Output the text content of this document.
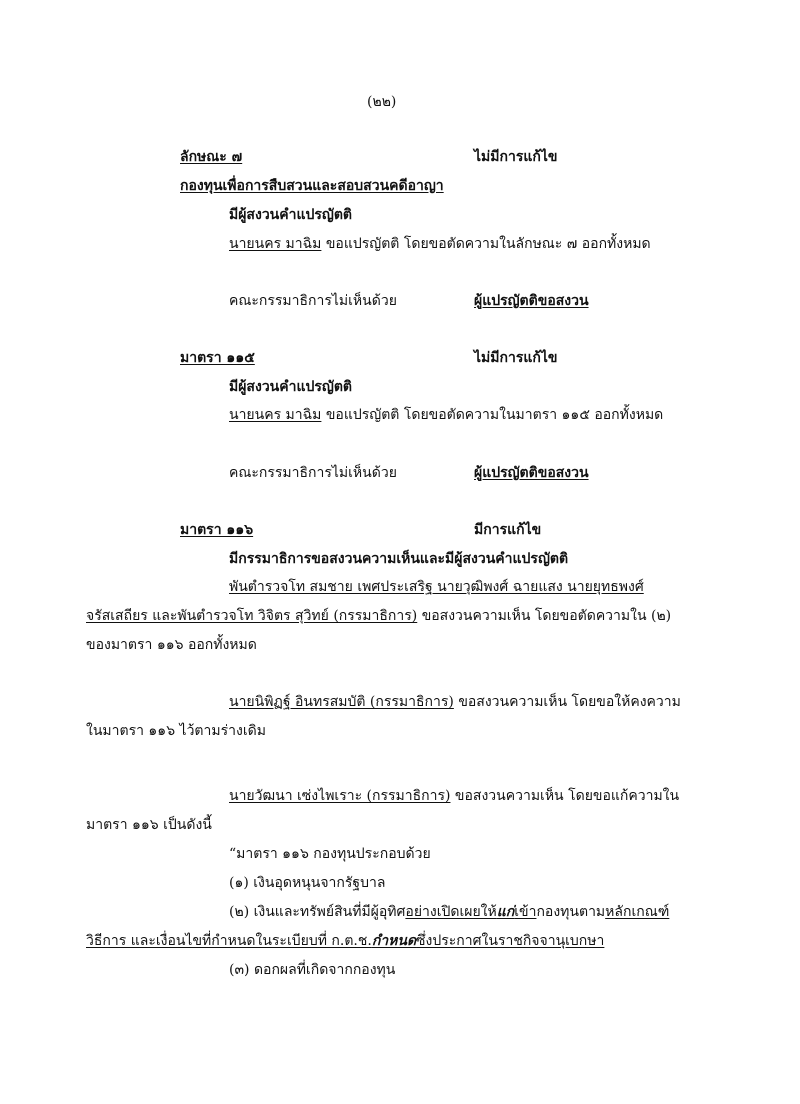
(๒๒)
ลักษณะ ๗	ไม่มีการแก้ไข
กองทุนเพื่อการสืบสวนและสอบสวนคดีอาญา
มีผู้สงวนคำแปรญัตติ
นายนคร มาฉิม ขอแปรญัตติ โดยขอตัดความในลักษณะ ๗ ออกทั้งหมด
คณะกรรมาธิการไม่เห็นด้วย	ผู้แปรญัตติขอสงวน
มาตรา ๑๑๕	ไม่มีการแก้ไข
มีผู้สงวนคำแปรญัตติ
นายนคร มาฉิม ขอแปรญัตติ โดยขอตัดความในมาตรา ๑๑๕ ออกทั้งหมด
คณะกรรมาธิการไม่เห็นด้วย	ผู้แปรญัตติขอสงวน
มาตรา ๑๑๖	มีการแก้ไข
มีกรรมาธิการขอสงวนความเห็นและมีผู้สงวนคำแปรญัตติ
พันตำรวจโท สมชาย เพศประเสริฐ นายวุฒิพงศ์ ฉายแสง นายยุทธพงศ์
จรัสเสถียร และพันตำรวจโท วิจิตร สุวิทย์ (กรรมาธิการ) ขอสงวนความเห็น โดยขอตัดความใน (๒)
ของมาตรา ๑๑๖ ออกทั้งหมด
นายนิพิฏฐ์ อินทรสมบัติ (กรรมาธิการ) ขอสงวนความเห็น โดยขอให้คงความ
ในมาตรา ๑๑๖ ไว้ตามร่างเดิม
นายวัฒนา เซ่งไพเราะ (กรรมาธิการ) ขอสงวนความเห็น โดยขอแก้ความใน
มาตรา ๑๑๖ เป็นดังนี้
“มาตรา ๑๑๖ กองทุนประกอบด้วย
(๑) เงินอุดหนุนจากรัฐบาล
(๒) เงินและทรัพย์สินที่มีผู้อุทิศอย่างเปิดเผยให้แก่เข้ากองทุนตามหลักเกณฑ์
วิธีการ และเงื่อนไขที่กำหนดในระเบียบที่ ก.ต.ช.กำหนดซึ่งประกาศในราชกิจจานุเบกษา
(๓) ดอกผลที่เกิดจากกองทุน
